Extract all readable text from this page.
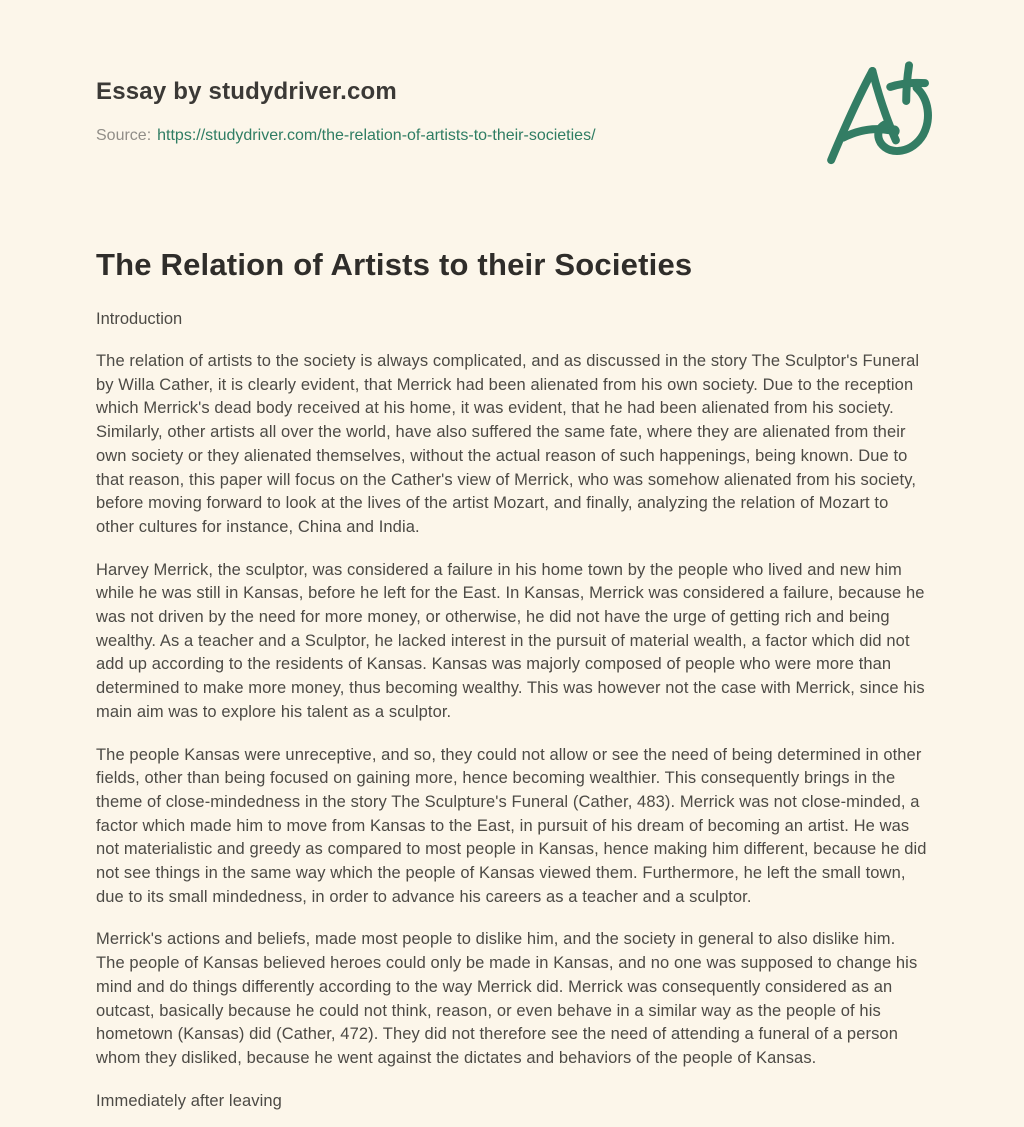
Essay by studydriver.com
Source: https://studydriver.com/the-relation-of-artists-to-their-societies/
The Relation of Artists to their Societies
Introduction

The relation of artists to the society is always complicated, and as discussed in the story The Sculptor's Funeral by Willa Cather, it is clearly evident, that Merrick had been alienated from his own society. Due to the reception which Merrick's dead body received at his home, it was evident, that he had been alienated from his society. Similarly, other artists all over the world, have also suffered the same fate, where they are alienated from their own society or they alienated themselves, without the actual reason of such happenings, being known. Due to that reason, this paper will focus on the Cather's view of Merrick, who was somehow alienated from his society, before moving forward to look at the lives of the artist Mozart, and finally, analyzing the relation of Mozart to other cultures for instance, China and India.

Harvey Merrick, the sculptor, was considered a failure in his home town by the people who lived and new him while he was still in Kansas, before he left for the East. In Kansas, Merrick was considered a failure, because he was not driven by the need for more money, or otherwise, he did not have the urge of getting rich and being wealthy. As a teacher and a Sculptor, he lacked interest in the pursuit of material wealth, a factor which did not add up according to the residents of Kansas. Kansas was majorly composed of people who were more than determined to make more money, thus becoming wealthy. This was however not the case with Merrick, since his main aim was to explore his talent as a sculptor.

The people Kansas were unreceptive, and so, they could not allow or see the need of being determined in other fields, other than being focused on gaining more, hence becoming wealthier. This consequently brings in the theme of close-mindedness in the story The Sculpture's Funeral (Cather, 483). Merrick was not close-minded, a factor which made him to move from Kansas to the East, in pursuit of his dream of becoming an artist. He was not materialistic and greedy as compared to most people in Kansas, hence making him different, because he did not see things in the same way which the people of Kansas viewed them. Furthermore, he left the small town, due to its small mindedness, in order to advance his careers as a teacher and a sculptor.

Merrick's actions and beliefs, made most people to dislike him, and the society in general to also dislike him. The people of Kansas believed heroes could only be made in Kansas, and no one was supposed to change his mind and do things differently according to the way Merrick did. Merrick was consequently considered as an outcast, basically because he could not think, reason, or even behave in a similar way as the people of his hometown (Kansas) did (Cather, 472). They did not therefore see the need of attending a funeral of a person whom they disliked, because he went against the dictates and behaviors of the people of Kansas.

Immediately after leaving
